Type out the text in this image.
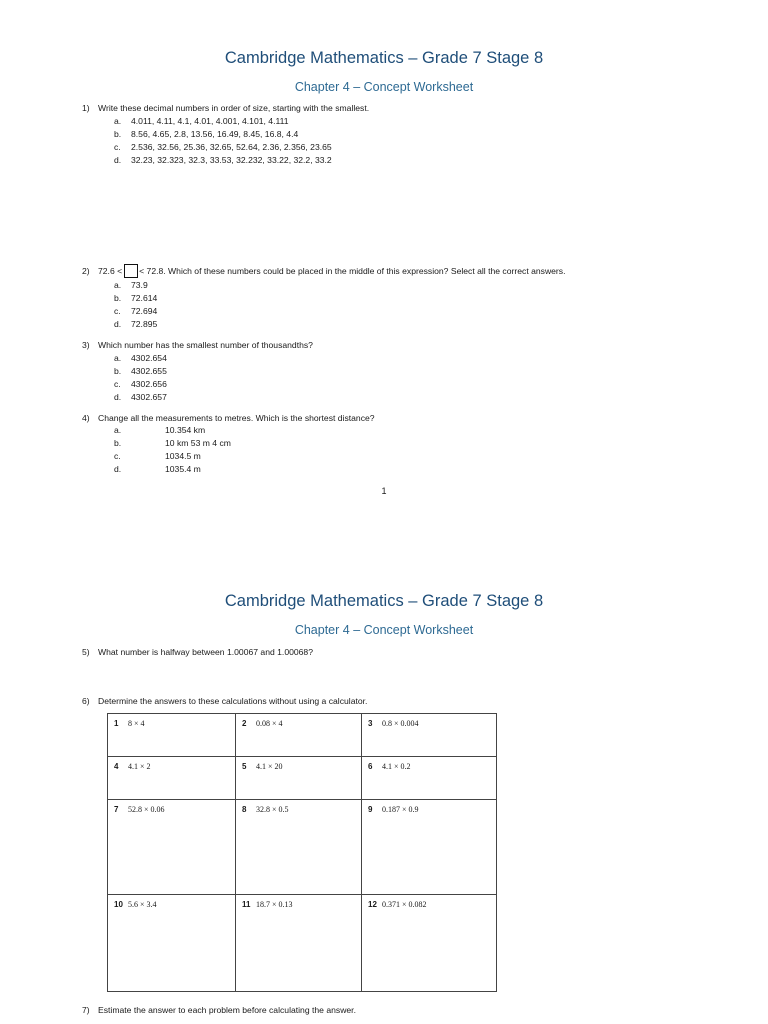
Cambridge Mathematics – Grade 7 Stage 8
Chapter 4 – Concept Worksheet
1) Write these decimal numbers in order of size, starting with the smallest.
a. 4.011, 4.11, 4.1, 4.01, 4.001, 4.101, 4.111
b. 8.56, 4.65, 2.8, 13.56, 16.49, 8.45, 16.8, 4.4
c. 2.536, 32.56, 25.36, 32.65, 52.64, 2.36, 2.356, 23.65
d. 32.23, 32.323, 32.3, 33.53, 32.232, 33.22, 32.2, 33.2
2) 72.6 < < 72.8. Which of these numbers could be placed in the middle of this expression? Select all the correct answers.
a. 73.9
b. 72.614
c. 72.694
d. 72.895
3) Which number has the smallest number of thousandths?
a. 4302.654
b. 4302.655
c. 4302.656
d. 4302.657
4) Change all the measurements to metres. Which is the shortest distance?
a.	10.354 km
b.	10 km 53 m 4 cm
c.	1034.5 m
d.	1035.4 m
1
Cambridge Mathematics – Grade 7 Stage 8
Chapter 4 – Concept Worksheet
5) What number is halfway between 1.00067 and 1.00068?
6) Determine the answers to these calculations without using a calculator.
1 8 × 4	2 0.08 × 4	3 0.8 × 0.004
4 4.1 × 2	5 4.1 × 20	6 4.1 × 0.2
7 52.8 × 0.06	8 32.8 × 0.5	9 0.187 × 0.9
10 5.6 × 3.4	11 18.7 × 0.13	12 0.371 × 0.082
7) Estimate the answer to each problem before calculating the answer.
